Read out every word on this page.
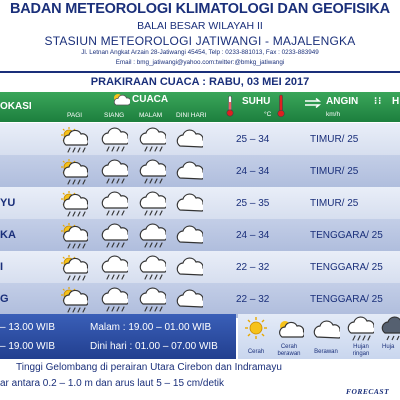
BADAN METEOROLOGI KLIMATOLOGI DAN GEOFISIKA
BALAI BESAR WILAYAH II
STASIUN METEOROLOGI JATIWANGI - MAJALENGKA
Jl. Letnan Angkat Arzain 28-Jatiwangi 45454, Telp : 0233-881013, Fax : 0233-883949
Email : bmg_jatiwangi@yahoo.com:twitter:@bmkg_jatiwangi
PRAKIRAAN CUACA : RABU, 03 MEI 2017
OKASI
CUACA
PAGI	SIANG MALAM DINI HARI
SUHU
°C
ANGIN
km/h
⁝⁝ H
25 – 34	TIMUR/ 25
24 – 34	TIMUR/ 25
YU	25 – 35	TIMUR/ 25
KA	24 – 34	TENGGARA/ 25
I	22 – 32	TENGGARA/ 25
G	22 – 32	TENGGARA/ 25
– 13.00 WIB
– 19.00 WIB
Malam : 19.00 – 01.00 WIB
Dini hari : 01.00 – 07.00 WIB	Cerah
Cerah berawan	Berawan
Hujan ringan
Huja
Tinggi Gelombang di perairan Utara Cirebon dan Indramayu
ar antara 0.2 – 1.0 m dan arus laut 5 – 15 cm/detik
FORECAST
